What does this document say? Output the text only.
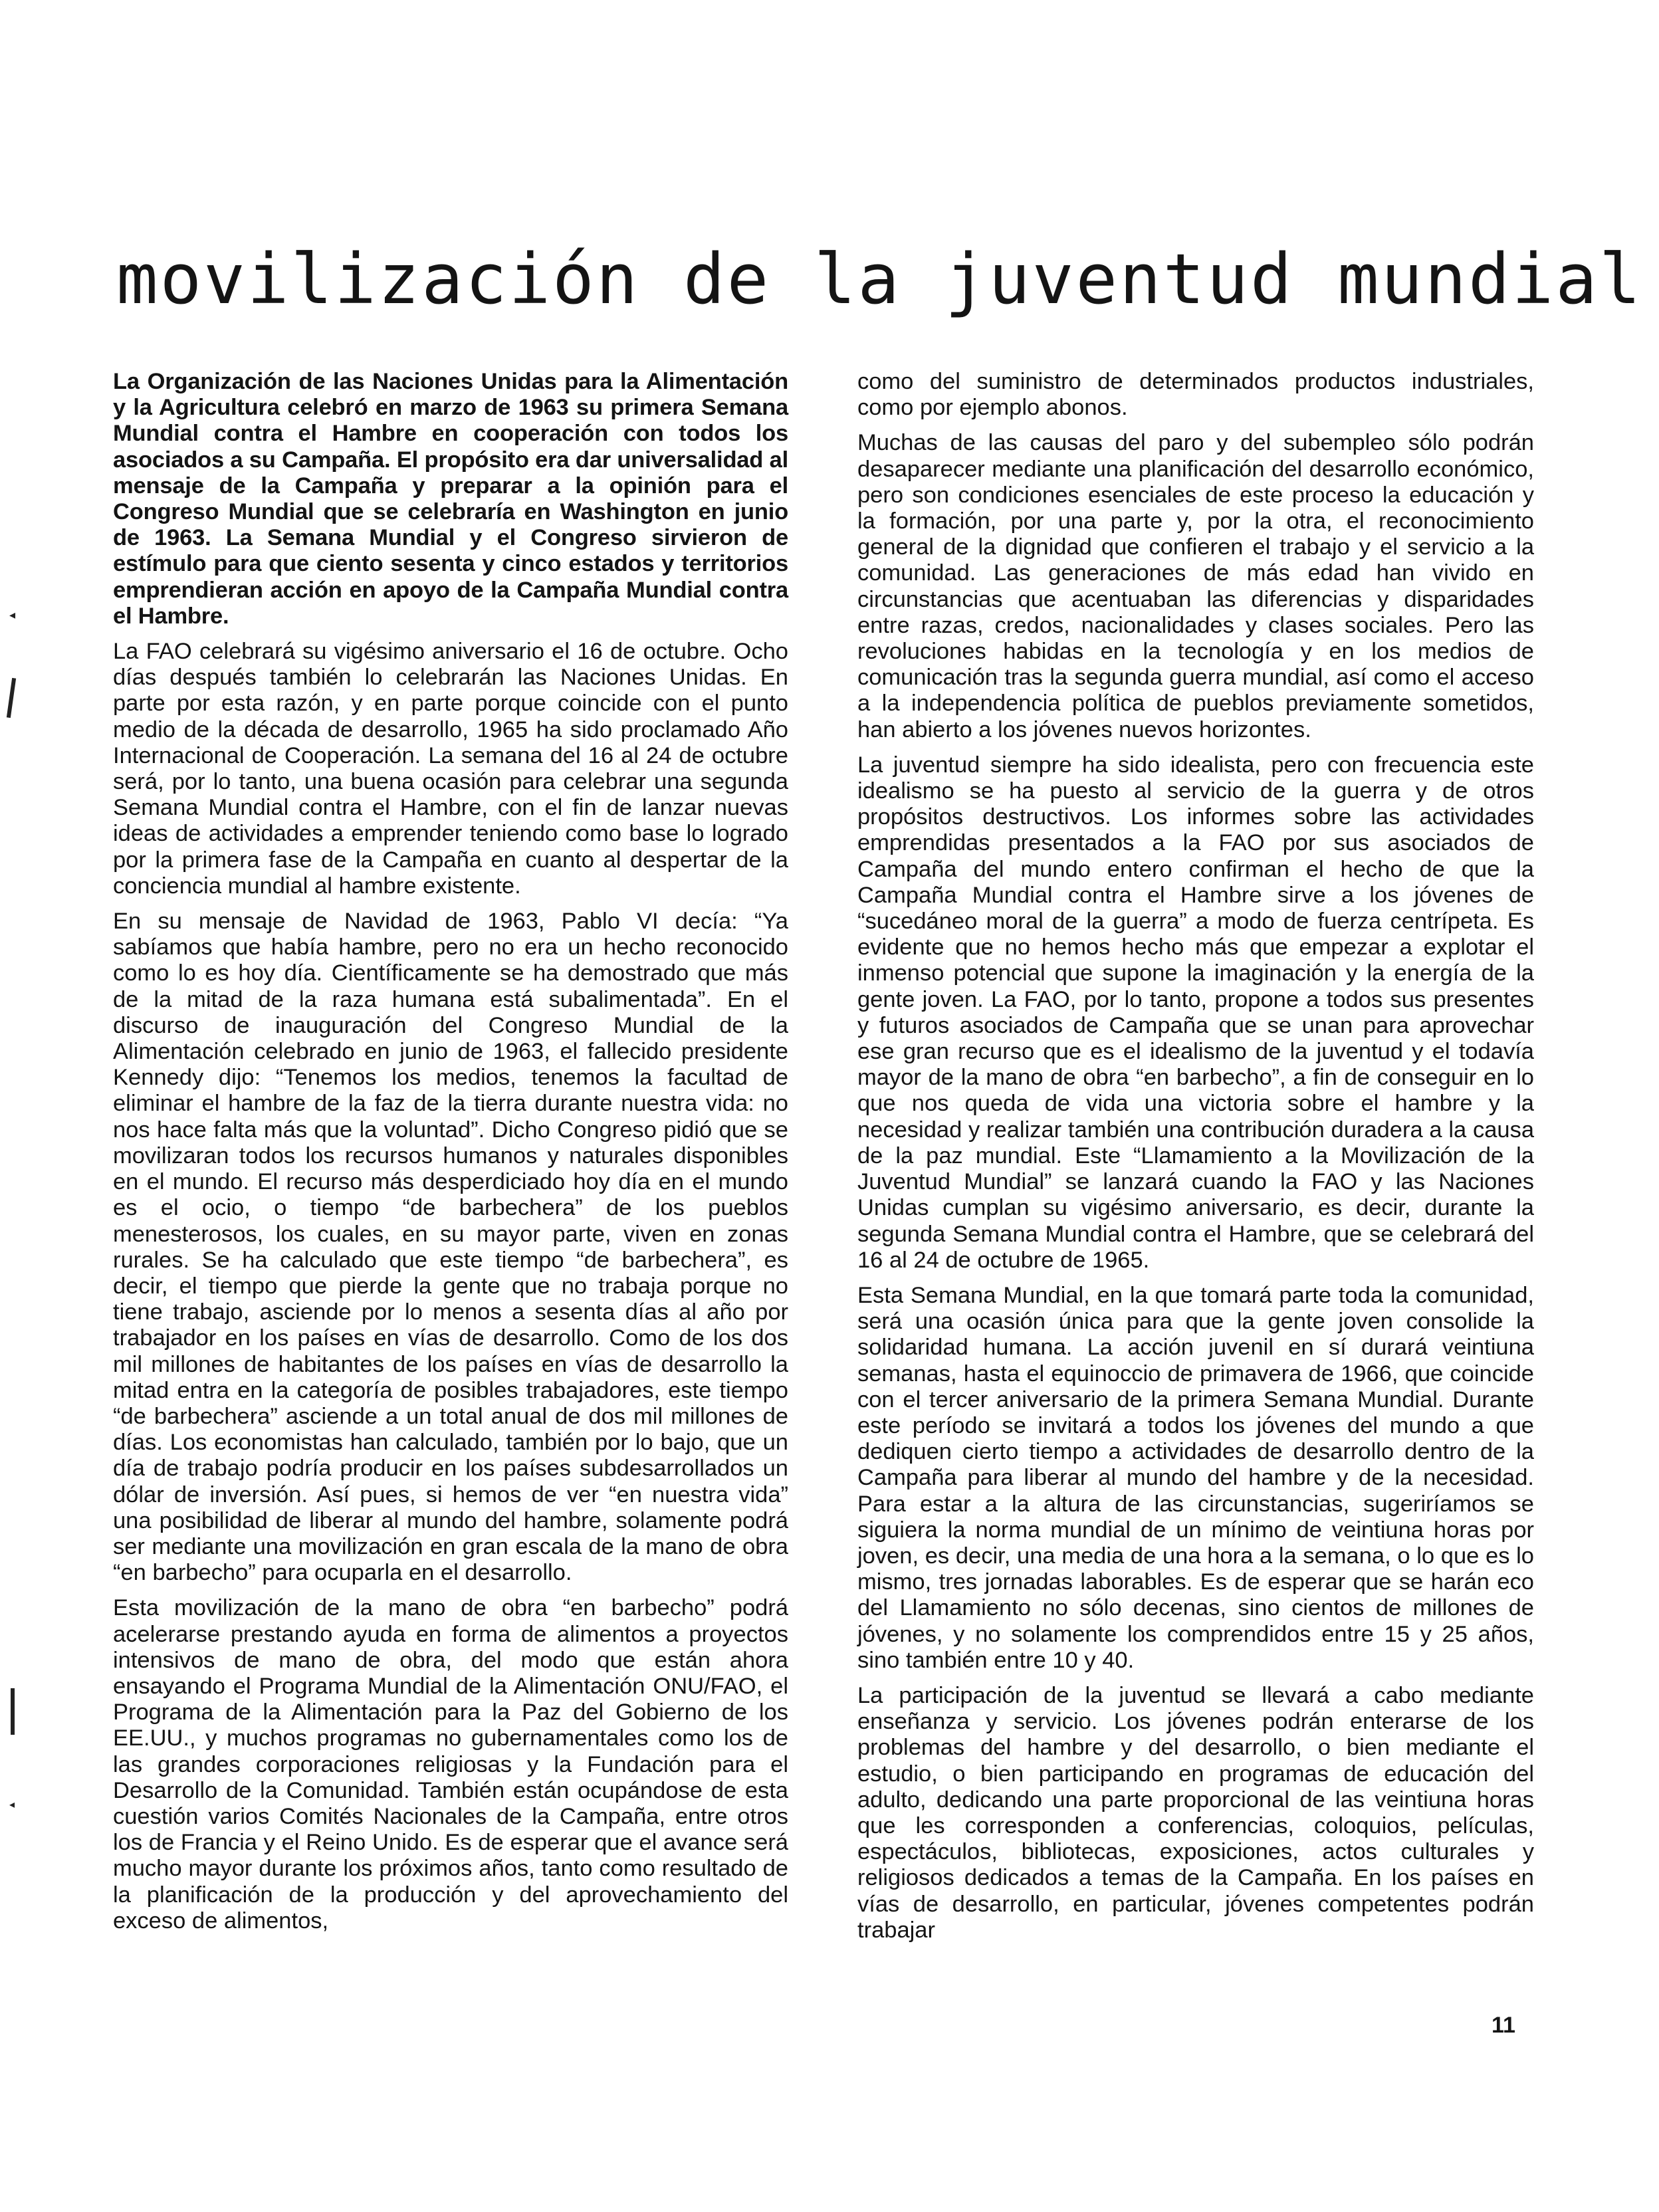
movilización de la juventud mundial

La Organización de las Naciones Unidas para la Alimentación y la Agricultura celebró en marzo de 1963 su primera Semana Mundial contra el Hambre en cooperación con todos los asociados a su Campaña. El propósito era dar universalidad al mensaje de la Campaña y preparar a la opinión para el Congreso Mundial que se celebraría en Washington en junio de 1963. La Semana Mundial y el Congreso sirvieron de estímulo para que ciento sesenta y cinco estados y territorios emprendieran acción en apoyo de la Campaña Mundial contra el Hambre.

La FAO celebrará su vigésimo aniversario el 16 de octubre. Ocho días después también lo celebrarán las Naciones Unidas. En parte por esta razón, y en parte porque coincide con el punto medio de la década de desarrollo, 1965 ha sido proclamado Año Internacional de Cooperación. La semana del 16 al 24 de octubre será, por lo tanto, una buena ocasión para celebrar una segunda Semana Mundial contra el Hambre, con el fin de lanzar nuevas ideas de actividades a emprender teniendo como base lo logrado por la primera fase de la Campaña en cuanto al despertar de la conciencia mundial al hambre existente.

En su mensaje de Navidad de 1963, Pablo VI decía: “Ya sabíamos que había hambre, pero no era un hecho reconocido como lo es hoy día. Científicamente se ha demostrado que más de la mitad de la raza humana está subalimentada”. En el discurso de inauguración del Congreso Mundial de la Alimentación celebrado en junio de 1963, el fallecido presidente Kennedy dijo: “Tenemos los medios, tenemos la facultad de eliminar el hambre de la faz de la tierra durante nuestra vida: no nos hace falta más que la voluntad”. Dicho Congreso pidió que se movilizaran todos los recursos humanos y naturales disponibles en el mundo. El recurso más desperdiciado hoy día en el mundo es el ocio, o tiempo “de barbechera” de los pueblos menesterosos, los cuales, en su mayor parte, viven en zonas rurales. Se ha calculado que este tiempo “de barbechera”, es decir, el tiempo que pierde la gente que no trabaja porque no tiene trabajo, asciende por lo menos a sesenta días al año por trabajador en los países en vías de desarrollo. Como de los dos mil millones de habitantes de los países en vías de desarrollo la mitad entra en la categoría de posibles trabajadores, este tiempo “de barbechera” asciende a un total anual de dos mil millones de días. Los economistas han calculado, también por lo bajo, que un día de trabajo podría producir en los países subdesarrollados un dólar de inversión. Así pues, si hemos de ver “en nuestra vida” una posibilidad de liberar al mundo del hambre, solamente podrá ser mediante una movilización en gran escala de la mano de obra “en barbecho” para ocuparla en el desarrollo.

Esta movilización de la mano de obra “en barbecho” podrá acelerarse prestando ayuda en forma de alimentos a proyectos intensivos de mano de obra, del modo que están ahora ensayando el Programa Mundial de la Alimentación ONU/FAO, el Programa de la Alimentación para la Paz del Gobierno de los EE.UU., y muchos programas no gubernamentales como los de las grandes corporaciones religiosas y la Fundación para el Desarrollo de la Comunidad. También están ocupándose de esta cuestión varios Comités Nacionales de la Campaña, entre otros los de Francia y el Reino Unido. Es de esperar que el avance será mucho mayor durante los próximos años, tanto como resultado de la planificación de la producción y del aprovechamiento del exceso de alimentos,

como del suministro de determinados productos industriales, como por ejemplo abonos.

Muchas de las causas del paro y del subempleo sólo podrán desaparecer mediante una planificación del desarrollo económico, pero son condiciones esenciales de este proceso la educación y la formación, por una parte y, por la otra, el reconocimiento general de la dignidad que confieren el trabajo y el servicio a la comunidad. Las generaciones de más edad han vivido en circunstancias que acentuaban las diferencias y disparidades entre razas, credos, nacionalidades y clases sociales. Pero las revoluciones habidas en la tecnología y en los medios de comunicación tras la segunda guerra mundial, así como el acceso a la independencia política de pueblos previamente sometidos, han abierto a los jóvenes nuevos horizontes.

La juventud siempre ha sido idealista, pero con frecuencia este idealismo se ha puesto al servicio de la guerra y de otros propósitos destructivos. Los informes sobre las actividades emprendidas presentados a la FAO por sus asociados de Campaña del mundo entero confirman el hecho de que la Campaña Mundial contra el Hambre sirve a los jóvenes de “sucedáneo moral de la guerra” a modo de fuerza centrípeta. Es evidente que no hemos hecho más que empezar a explotar el inmenso potencial que supone la imaginación y la energía de la gente joven. La FAO, por lo tanto, propone a todos sus presentes y futuros asociados de Campaña que se unan para aprovechar ese gran recurso que es el idealismo de la juventud y el todavía mayor de la mano de obra “en barbecho”, a fin de conseguir en lo que nos queda de vida una victoria sobre el hambre y la necesidad y realizar también una contribución duradera a la causa de la paz mundial. Este “Llamamiento a la Movilización de la Juventud Mundial” se lanzará cuando la FAO y las Naciones Unidas cumplan su vigésimo aniversario, es decir, durante la segunda Semana Mundial contra el Hambre, que se celebrará del 16 al 24 de octubre de 1965.

Esta Semana Mundial, en la que tomará parte toda la comunidad, será una ocasión única para que la gente joven consolide la solidaridad humana. La acción juvenil en sí durará veintiuna semanas, hasta el equinoccio de primavera de 1966, que coincide con el tercer aniversario de la primera Semana Mundial. Durante este período se invitará a todos los jóvenes del mundo a que dediquen cierto tiempo a actividades de desarrollo dentro de la Campaña para liberar al mundo del hambre y de la necesidad. Para estar a la altura de las circunstancias, sugeriríamos se siguiera la norma mundial de un mínimo de veintiuna horas por joven, es decir, una media de una hora a la semana, o lo que es lo mismo, tres jornadas laborables. Es de esperar que se harán eco del Llamamiento no sólo decenas, sino cientos de millones de jóvenes, y no solamente los comprendidos entre 15 y 25 años, sino también entre 10 y 40.

La participación de la juventud se llevará a cabo mediante enseñanza y servicio. Los jóvenes podrán enterarse de los problemas del hambre y del desarrollo, o bien mediante el estudio, o bien participando en programas de educación del adulto, dedicando una parte proporcional de las veintiuna horas que les corresponden a conferencias, coloquios, películas, espectáculos, bibliotecas, exposiciones, actos culturales y religiosos dedicados a temas de la Campaña. En los países en vías de desarrollo, en particular, jóvenes competentes podrán trabajar

11
◂
◂
